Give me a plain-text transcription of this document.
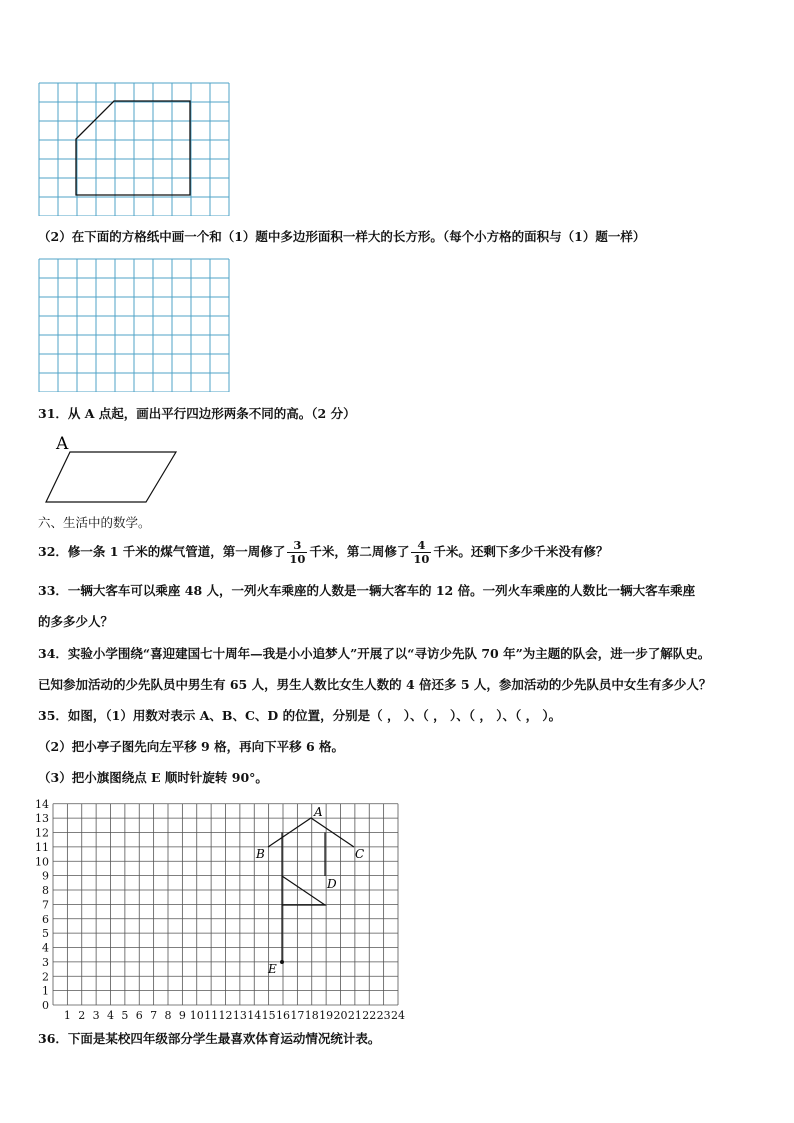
（2）在下面的方格纸中画一个和（1）题中多边形面积一样大的长方形。（每个小方格的面积与（1）题一样）
31．从 A 点起，画出平行四边形两条不同的高。（2 分）
A
六、生活中的数学。
32．修一条 1 千米的煤气管道，第一周修了 $\frac{3}{10}$ 千米，第二周修了 $\frac{4}{10}$ 千米。还剩下多少千米没有修？
33．一辆大客车可以乘座 48 人，一列火车乘座的人数是一辆大客车的 12 倍。一列火车乘座的人数比一辆大客车乘座
的多多少人？
34．实验小学围绕“喜迎建国七十周年—我是小小追梦人”开展了以“寻访少先队 70 年”为主题的队会，进一步了解队史。
已知参加活动的少先队员中男生有 65 人，男生人数比女生人数的 4 倍还多 5 人，参加活动的少先队员中女生有多少人？
35．如图，（1）用数对表示 A、B、C、D 的位置，分别是（ ， ）、（ ， ）、（ ， ）、（ ， ）。
（2）把小亭子图先向左平移 9 格，再向下平移 6 格。
（3）把小旗图绕点 E 顺时针旋转 90°。
1 2 3 4 5 6 7 8 9 10 11 12 13 14 15 16 17 18 19 20 21 22 23 24
0
1
2
3
4
5
6
7
8
9
10
11
12
13
14
A
B	C
D
E
36．下面是某校四年级部分学生最喜欢体育运动情况统计表。
